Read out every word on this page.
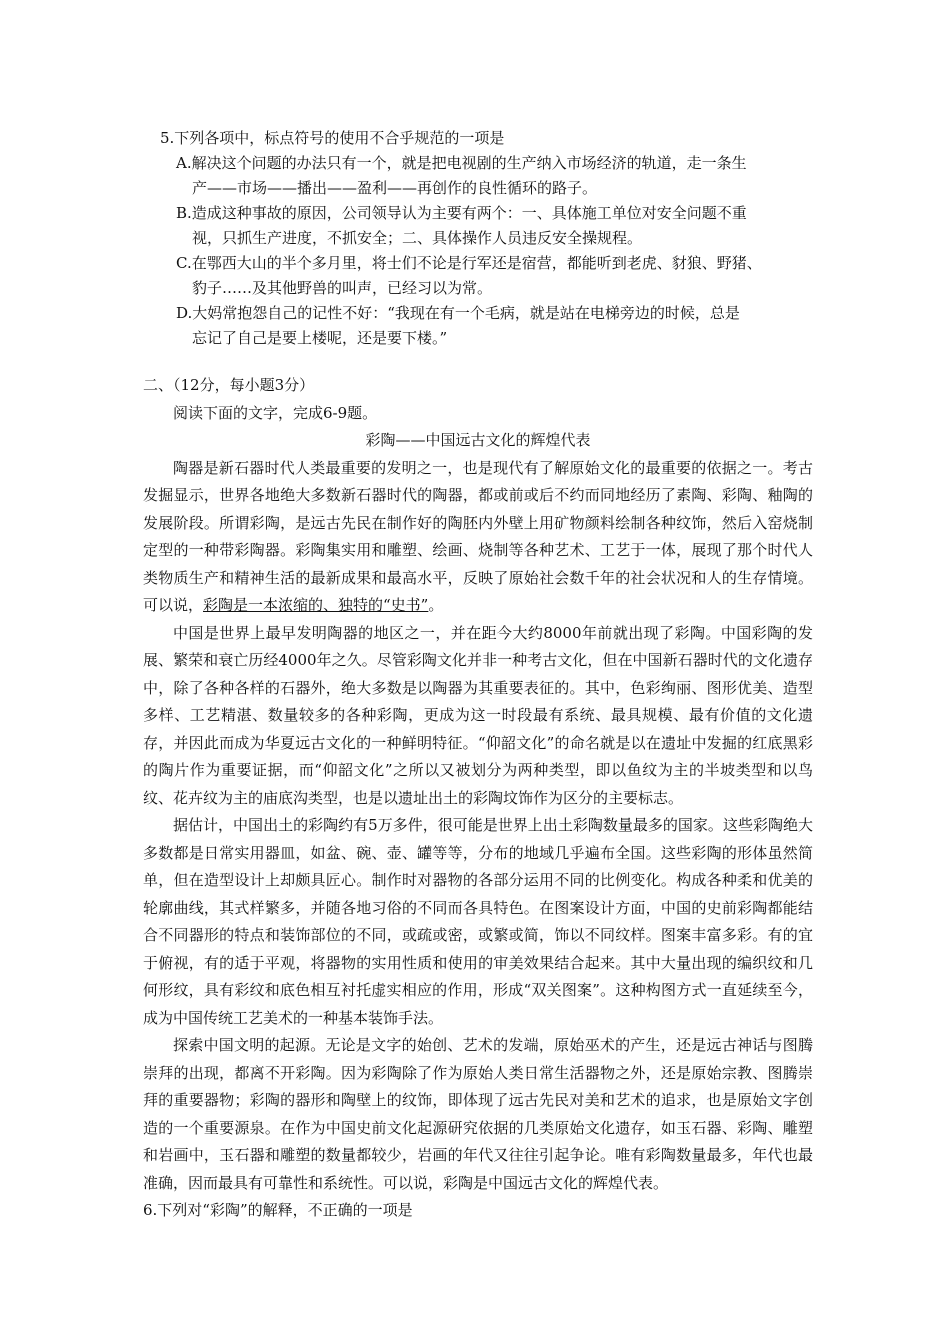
5.下列各项中，标点符号的使用不合乎规范的一项是
A.解决这个问题的办法只有一个，就是把电视剧的生产纳入市场经济的轨道，走一条生
产——市场——播出——盈利——再创作的良性循环的路子。
B.造成这种事故的原因，公司领导认为主要有两个：一、具体施工单位对安全问题不重
视，只抓生产进度，不抓安全；二、具体操作人员违反安全操规程。
C.在鄂西大山的半个多月里，将士们不论是行军还是宿营，都能听到老虎、豺狼、野猪、
豹子……及其他野兽的叫声，已经习以为常。
D.大妈常抱怨自己的记性不好：“我现在有一个毛病，就是站在电梯旁边的时候，总是
忘记了自己是要上楼呢，还是要下楼。”

二、（12分，每小题3分）

阅读下面的文字，完成6-9题。

彩陶——中国远古文化的辉煌代表

陶器是新石器时代人类最重要的发明之一，也是现代有了解原始文化的最重要的依据之一。考古发掘显示，世界各地绝大多数新石器时代的陶器，都或前或后不约而同地经历了素陶、彩陶、釉陶的发展阶段。所谓彩陶，是远古先民在制作好的陶胚内外壁上用矿物颜料绘制各种纹饰，然后入窑烧制定型的一种带彩陶器。彩陶集实用和雕塑、绘画、烧制等各种艺术、工艺于一体，展现了那个时代人类物质生产和精神生活的最新成果和最高水平，反映了原始社会数千年的社会状况和人的生存情境。可以说，彩陶是一本浓缩的、独特的“史书”。

中国是世界上最早发明陶器的地区之一，并在距今大约8000年前就出现了彩陶。中国彩陶的发展、繁荣和衰亡历经4000年之久。尽管彩陶文化并非一种考古文化，但在中国新石器时代的文化遗存中，除了各种各样的石器外，绝大多数是以陶器为其重要表征的。其中，色彩绚丽、图形优美、造型多样、工艺精湛、数量较多的各种彩陶，更成为这一时段最有系统、最具规模、最有价值的文化遗存，并因此而成为华夏远古文化的一种鲜明特征。“仰韶文化”的命名就是以在遗址中发掘的红底黑彩的陶片作为重要证据，而“仰韶文化”之所以又被划分为两种类型，即以鱼纹为主的半坡类型和以鸟纹、花卉纹为主的庙底沟类型，也是以遗址出土的彩陶坟饰作为区分的主要标志。

据估计，中国出土的彩陶约有5万多件，很可能是世界上出土彩陶数量最多的国家。这些彩陶绝大多数都是日常实用器皿，如盆、碗、壶、罐等等，分布的地域几乎遍布全国。这些彩陶的形体虽然简单，但在造型设计上却颇具匠心。制作时对器物的各部分运用不同的比例变化。构成各种柔和优美的轮廓曲线，其式样繁多，并随各地习俗的不同而各具特色。在图案设计方面，中国的史前彩陶都能结合不同器形的特点和装饰部位的不同，或疏或密，或繁或简，饰以不同纹样。图案丰富多彩。有的宜于俯视，有的适于平观，将器物的实用性质和使用的审美效果结合起来。其中大量出现的编织纹和几何形纹，具有彩纹和底色相互衬托虚实相应的作用，形成“双关图案”。这种构图方式一直延续至今，成为中国传统工艺美术的一种基本装饰手法。

探索中国文明的起源。无论是文字的始创、艺术的发端，原始巫术的产生，还是远古神话与图腾崇拜的出现，都离不开彩陶。因为彩陶除了作为原始人类日常生活器物之外，还是原始宗教、图腾崇拜的重要器物；彩陶的器形和陶壁上的纹饰，即体现了远古先民对美和艺术的追求，也是原始文字创造的一个重要源泉。在作为中国史前文化起源研究依据的几类原始文化遗存，如玉石器、彩陶、雕塑和岩画中，玉石器和雕塑的数量都较少，岩画的年代又往往引起争论。唯有彩陶数量最多，年代也最准确，因而最具有可靠性和系统性。可以说，彩陶是中国远古文化的辉煌代表。

6.下列对“彩陶”的解释，不正确的一项是
